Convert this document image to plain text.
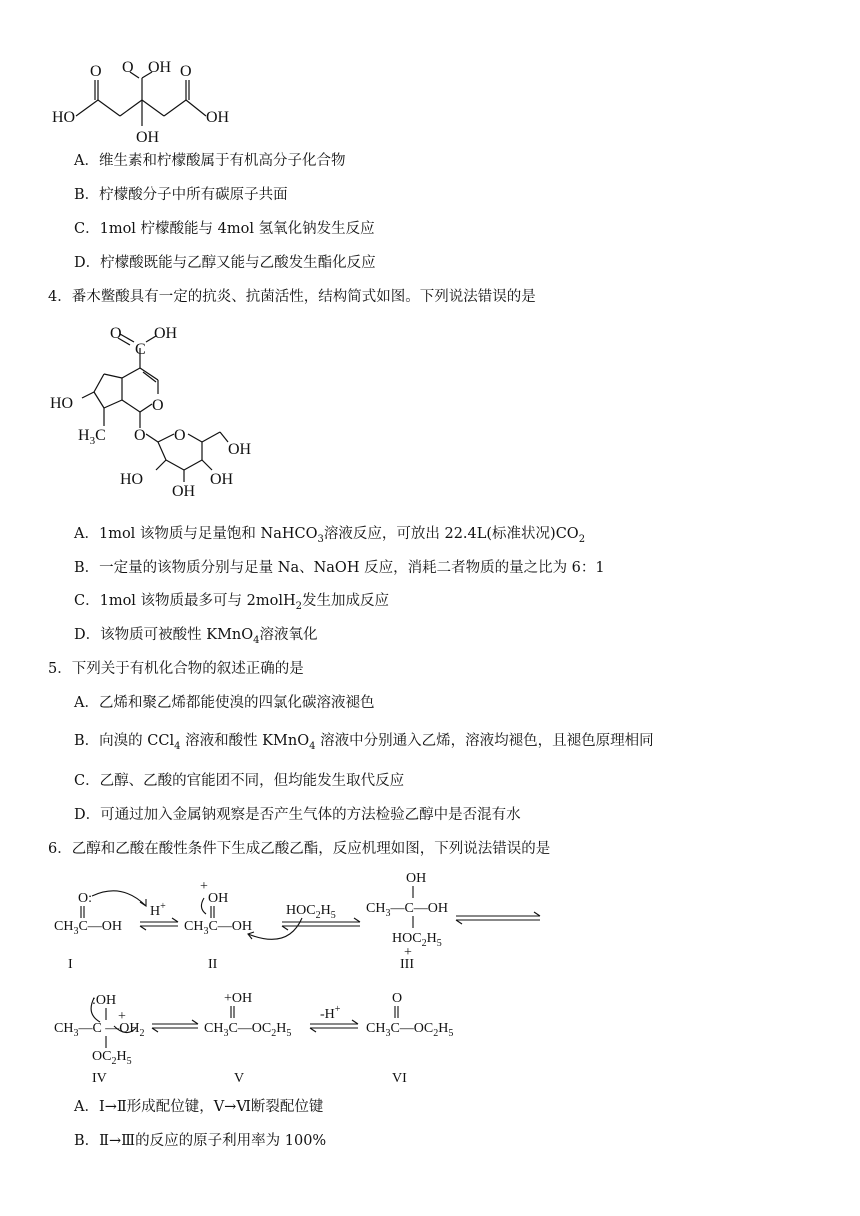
O O OH O
HO	OH
OH
A．维生素和柠檬酸属于有机高分子化合物
B．柠檬酸分子中所有碳原子共面
C．1mol 柠檬酸能与 4mol 氢氧化钠发生反应
D．柠檬酸既能与乙醇又能与乙酸发生酯化反应
4．番木鳖酸具有一定的抗炎、抗菌活性，结构简式如图。下列说法错误的是
O OH
C
O
HO
$H_3C$ O O
OH
HO	OH
OH
A．1mol 该物质与足量饱和 NaHCO$_3$溶液反应，可放出 22.4L(标准状况)$CO_2$
B．一定量的该物质分别与足量 Na、NaOH 反应，消耗二者物质的量之比为 6：1
C．1mol 该物质最多可与 2molH$_2$发生加成反应
D．该物质可被酸性 KMnO$_4$溶液氧化
5．下列关于有机化合物的叙述正确的是
A．乙烯和聚乙烯都能使溴的四氯化碳溶液褪色
B．向溴的 CCl$_4$ 溶液和酸性 KMnO$_4$ 溶液中分别通入乙烯，溶液均褪色，且褪色原理相同
C．乙醇、乙酸的官能团不同，但均能发生取代反应
D．可通过加入金属钠观察是否产生气体的方法检验乙醇中是否混有水
6．乙醇和乙酸在酸性条件下生成乙酸乙酯，反应机理如图，下列说法错误的是
O:
$CH_3C—OH$
I
H+
+
OH
$CH_3C—OH$
II
$HOC_2H_5$
OH
$CH_3—C—OH$
$HOC_2H_5$
+
III
:OH
$CH_3—C$ $—OH_2$
+
$OC_2H_5$
IV
+OH
$CH_3C—OC_2H_5$
V
-H+
O
$CH_3C—OC_2H_5$
VI
A．Ⅰ→Ⅱ形成配位键，Ⅴ→Ⅵ断裂配位键
B．Ⅱ→Ⅲ的反应的原子利用率为 100%
